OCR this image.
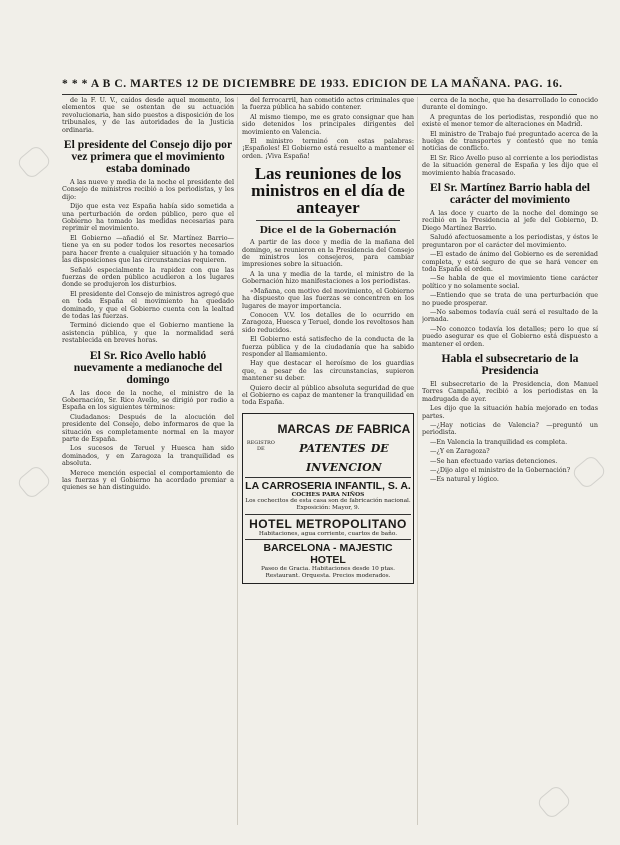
* * * A B C. MARTES 12 DE DICIEMBRE DE 1933. EDICION DE LA MAÑANA. PAG. 16.

de la F. U. V., caídos desde aquel momento, los elementos que se ostentan de su actuación revolucionaria, han sido puestos a disposición de los tribunales, y de las autoridades de la Justicia ordinaria.

El presidente del Consejo dijo por vez primera que el movimiento estaba dominado

A las nueve y media de la noche el presidente del Consejo de ministros recibió a los periodistas, y les dijo:

Dijo que esta vez España había sido sometida a una perturbación de orden público, pero que el Gobierno ha tomado las medidas necesarias para reprimir el movimiento.

El Gobierno —añadió el Sr. Martínez Barrio— tiene ya en su poder todos los resortes necesarios para hacer frente a cualquier situación y ha tomado las disposiciones que las circunstancias requieren.

Señaló especialmente la rapidez con que las fuerzas de orden público acudieron a los lugares donde se produjeron los disturbios.

El presidente del Consejo de ministros agregó que en toda España el movimiento ha quedado dominado, y que el Gobierno cuenta con la lealtad de todas las fuerzas.

Terminó diciendo que el Gobierno mantiene la asistencia pública, y que la normalidad será restablecida en breves horas.

El Sr. Rico Avello habló nuevamente a medianoche del domingo

A las doce de la noche, el ministro de la Gobernación, Sr. Rico Avello, se dirigió por radio a España en los siguientes términos:

Ciudadanos: Después de la alocución del presidente del Consejo, debo informaros de que la situación es completamente normal en la mayor parte de España.

Los sucesos de Teruel y Huesca han sido dominados, y en Zaragoza la tranquilidad es absoluta.

Merece mención especial el comportamiento de las fuerzas y el Gobierno ha acordado premiar a quienes se han distinguido.

del ferrocarril, han cometido actos criminales que la fuerza pública ha sabido contener.

Al mismo tiempo, me es grato consignar que han sido detenidos los principales dirigentes del movimiento en Valencia.

El ministro terminó con estas palabras: ¡Españoles! El Gobierno está resuelto a mantener el orden. ¡Viva España!

Las reuniones de los ministros en el día de anteayer
Dice el de la Gobernación

A partir de las doce y media de la mañana del domingo, se reunieron en la Presidencia del Consejo de ministros los consejeros, para cambiar impresiones sobre la situación.

A la una y media de la tarde, el ministro de la Gobernación hizo manifestaciones a los periodistas.

«Mañana, con motivo del movimiento, el Gobierno ha dispuesto que las fuerzas se concentren en los lugares de mayor importancia.

Conocen V.V. los detalles de lo ocurrido en Zaragoza, Huesca y Teruel, donde los revoltosos han sido reducidos.

El Gobierno está satisfecho de la conducta de la fuerza pública y de la ciudadanía que ha sabido responder al llamamiento.

Hay que destacar el heroísmo de los guardias que, a pesar de las circunstancias, supieron mantener su deber.

Quiero decir al público absoluta seguridad de que el Gobierno es capaz de mantener la tranquilidad en toda España.

REGISTRO DE
MARCAS DE FABRICA
PATENTES DE INVENCION
LA CARROSERIA INFANTIL, S. A.
COCHES PARA NIÑOS
Los cochecitos de esta casa son de fabricación nacional. Exposición: Mayor, 9.
HOTEL METROPOLITANO
Habitaciones, agua corriente, cuartos de baño.
BARCELONA - MAJESTIC HOTEL
Paseo de Gracia. Habitaciones desde 10 ptas. Restaurant. Orquesta. Precios moderados.

cerca de la noche, que ha desarrollado lo conocido durante el domingo.

A preguntas de los periodistas, respondió que no existe el menor temor de alteraciones en Madrid.

El ministro de Trabajo fué preguntado acerca de la huelga de transportes y contestó que no tenía noticias de conflicto.

El Sr. Rico Avello puso al corriente a los periodistas de la situación general de España y les dijo que el movimiento había fracasado.

El Sr. Martínez Barrio habla del carácter del movimiento

A las doce y cuarto de la noche del domingo se recibió en la Presidencia al jefe del Gobierno, D. Diego Martínez Barrio.

Saludó afectuosamente a los periodistas, y éstos le preguntaron por el carácter del movimiento.

—El estado de ánimo del Gobierno es de serenidad completa, y está seguro de que se hará vencer en toda España el orden.

—Se habla de que el movimiento tiene carácter político y no solamente social.

—Entiendo que se trata de una perturbación que no puede prosperar.

—No sabemos todavía cuál será el resultado de la jornada.

—No conozco todavía los detalles; pero lo que sí puedo asegurar es que el Gobierno está dispuesto a mantener el orden.

Habla el subsecretario de la Presidencia

El subsecretario de la Presidencia, don Manuel Torres Campañá, recibió a los periodistas en la madrugada de ayer.

Les dijo que la situación había mejorado en todas partes.

—¿Hay noticias de Valencia? —preguntó un periodista.

—En Valencia la tranquilidad es completa.

—¿Y en Zaragoza?

—Se han efectuado varias detenciones.

—¿Dijo algo el ministro de la Gobernación?

—Es natural y lógico.
